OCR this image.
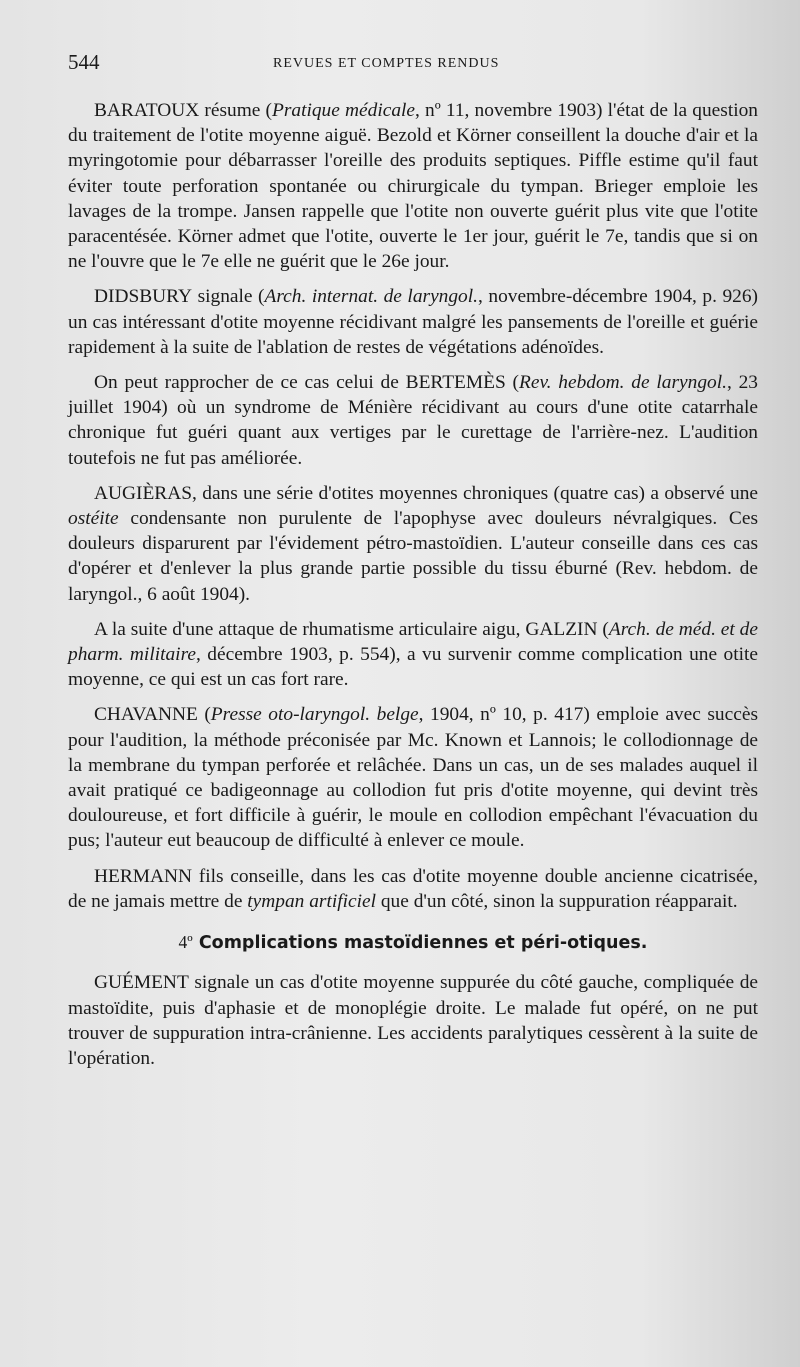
544	REVUES ET COMPTES RENDUS

BARATOUX résume (Pratique médicale, nº 11, novembre 1903) l'état de la question du traitement de l'otite moyenne aiguë. Bezold et Körner conseillent la douche d'air et la myringotomie pour débarrasser l'oreille des produits septiques. Piffle estime qu'il faut éviter toute perforation spontanée ou chirurgicale du tympan. Brieger emploie les lavages de la trompe. Jansen rappelle que l'otite non ouverte guérit plus vite que l'otite paracentésée. Körner admet que l'otite, ouverte le 1er jour, guérit le 7e, tandis que si on ne l'ouvre que le 7e elle ne guérit que le 26e jour.

DIDSBURY signale (Arch. internat. de laryngol., novembre-décembre 1904, p. 926) un cas intéressant d'otite moyenne récidivant malgré les pansements de l'oreille et guérie rapidement à la suite de l'ablation de restes de végétations adénoïdes.

On peut rapprocher de ce cas celui de BERTEMÈS (Rev. hebdom. de laryngol., 23 juillet 1904) où un syndrome de Ménière récidivant au cours d'une otite catarrhale chronique fut guéri quant aux vertiges par le curettage de l'arrière-nez. L'audition toutefois ne fut pas améliorée.

AUGIÈRAS, dans une série d'otites moyennes chroniques (quatre cas) a observé une ostéite condensante non purulente de l'apophyse avec douleurs névralgiques. Ces douleurs disparurent par l'évidement pétro-mastoïdien. L'auteur conseille dans ces cas d'opérer et d'enlever la plus grande partie possible du tissu éburné (Rev. hebdom. de laryngol., 6 août 1904).

A la suite d'une attaque de rhumatisme articulaire aigu, GALZIN (Arch. de méd. et de pharm. militaire, décembre 1903, p. 554), a vu survenir comme complication une otite moyenne, ce qui est un cas fort rare.

CHAVANNE (Presse oto-laryngol. belge, 1904, nº 10, p. 417) emploie avec succès pour l'audition, la méthode préconisée par Mc. Known et Lannois; le collodionnage de la membrane du tympan perforée et relâchée. Dans un cas, un de ses malades auquel il avait pratiqué ce badigeonnage au collodion fut pris d'otite moyenne, qui devint très douloureuse, et fort difficile à guérir, le moule en collodion empêchant l'évacuation du pus; l'auteur eut beaucoup de difficulté à enlever ce moule.

HERMANN fils conseille, dans les cas d'otite moyenne double ancienne cicatrisée, de ne jamais mettre de tympan artificiel que d'un côté, sinon la suppuration réapparait.

4º Complications mastoïdiennes et péri-otiques.

GUÉMENT signale un cas d'otite moyenne suppurée du côté gauche, compliquée de mastoïdite, puis d'aphasie et de monoplégie droite. Le malade fut opéré, on ne put trouver de suppuration intra-crânienne. Les accidents paralytiques cessèrent à la suite de l'opération.
